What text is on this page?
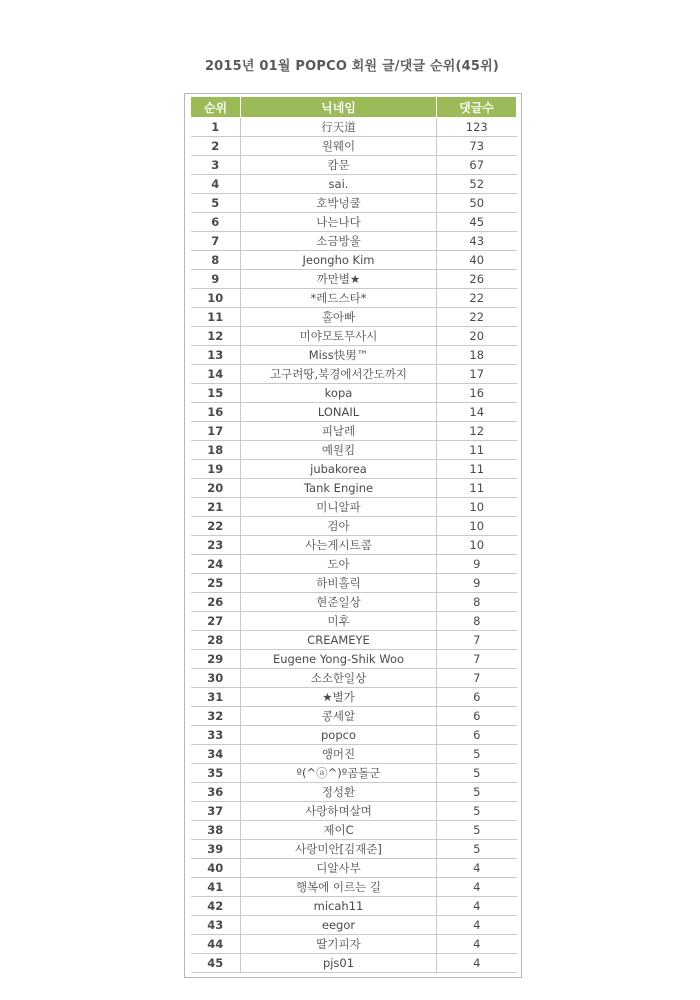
2015년 01월 POPCO 회원 글/댓글 순위(45위)
순위	닉네임	댓글수
1	行天道	123
2	원웨이	73
3	캄문	67
4	sai.	52
5	호박넝쿨	50
6	나는나다	45
7	소금방울	43
8	Jeongho Kim	40
9	까만별★	26
10	*레드스타*	22
11	홀아빠	22
12	미야모토무사시	20
13	Miss快男™	18
14	고구려땅,북경에서간도까지	17
15	kopa	16
16	LONAIL	14
17	피날레	12
18	예원킴	11
19	jubakorea	11
20	Tank Engine	11
21	미니알파	10
22	검아	10
23	사는게시트콤	10
24	도아	9
25	하비홀릭	9
26	현준일상	8
27	미후	8
28	CREAMEYE	7
29	Eugene Yong-Shik Woo	7
30	소소한일상	7
31	★별가	6
32	콩세알	6
33	popco	6
34	앵머진	5
35	º(^ⓐ^)º곰돌군	5
36	정성환	5
37	사랑하며살며	5
38	제이C	5
39	사랑미안[김재준]	5
40	디알사부	4
41	행복에 이르는 길	4
42	micah11	4
43	eegor	4
44	딸기피자	4
45	pjs01	4
